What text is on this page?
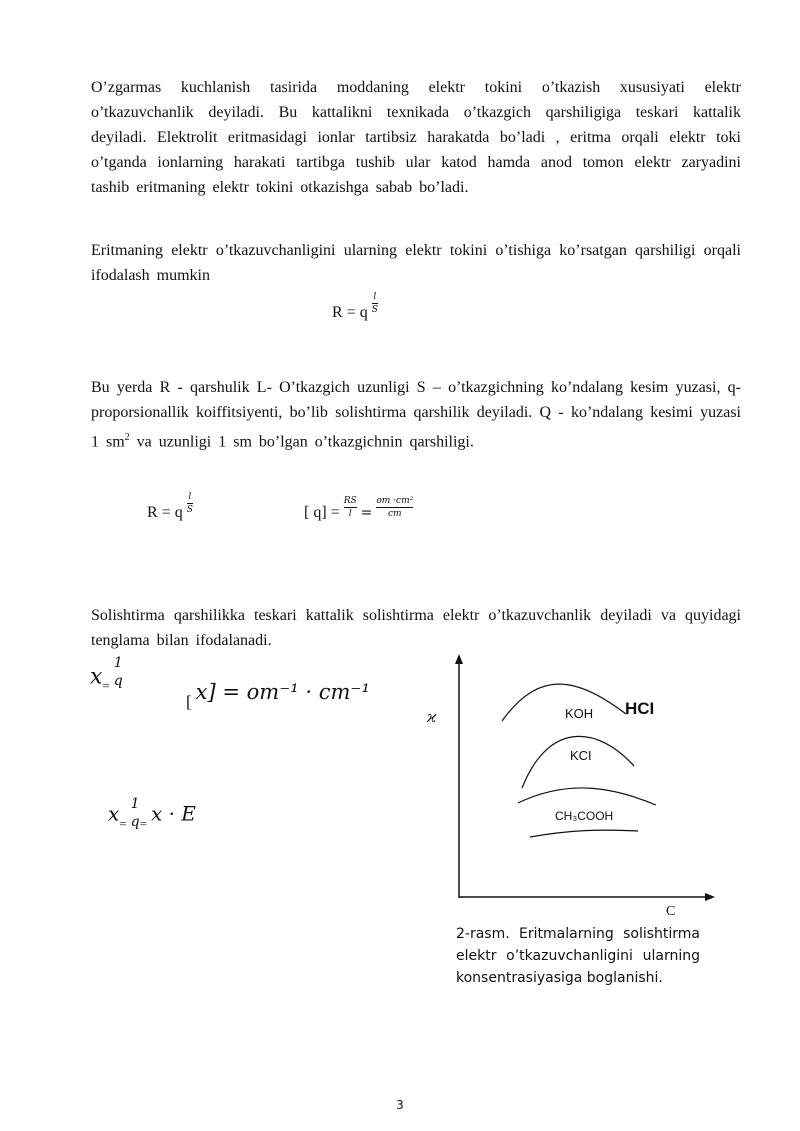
O’zgarmas kuchlanish tasirida moddaning elektr tokini o’tkazish xususiyati elektr o’tkazuvchanlik deyiladi. Bu kattalikni texnikada o’tkazgich qarshiligiga teskari kattalik deyiladi. Elektrolit eritmasidagi ionlar tartibsiz harakatda bo’ladi , eritma orqali elektr toki o’tganda ionlarning harakati tartibga tushib ular katod hamda anod tomon elektr zaryadini tashib eritmaning elektr tokini otkazishga sabab bo’ladi.
Eritmaning elektr o’tkazuvchanligini ularning elektr tokini o’tishiga ko’rsatgan qarshiligi orqali ifodalash mumkin
R = q $\frac{l}{S}$
Bu yerda R - qarshulik L- O’tkazgich uzunligi S – o’tkazgichning ko’ndalang kesim yuzasi, q- proporsionallik koiffitsiyenti, bo’lib solishtirma qarshilik deyiladi. Q - ko’ndalang kesimi yuzasi 1 $sm^2$ va uzunligi 1 sm bo’lgan o’tkazgichnin qarshiligi.
R = q $\frac{l}{S}$	[ $q] = \frac{RS}{l} = \frac{\text{om ·cm²}}{cm}$
Solishtirma qarshilikka teskari kattalik solishtirma elektr o’tkazuvchanlik deyiladi va quyidagi tenglama bilan ifodalanadi.
$x_=$ 1
q
[ x] = om⁻¹ · cm⁻¹
$x_=$ 1
$q_=$ x · E
ϰ
C
KOH HCI
KCI
CH₃COOH
2-rasm. Eritmalarning solishtirma elektr o’tkazuvchanligini ularning konsentrasiyasiga boglanishi.
3
